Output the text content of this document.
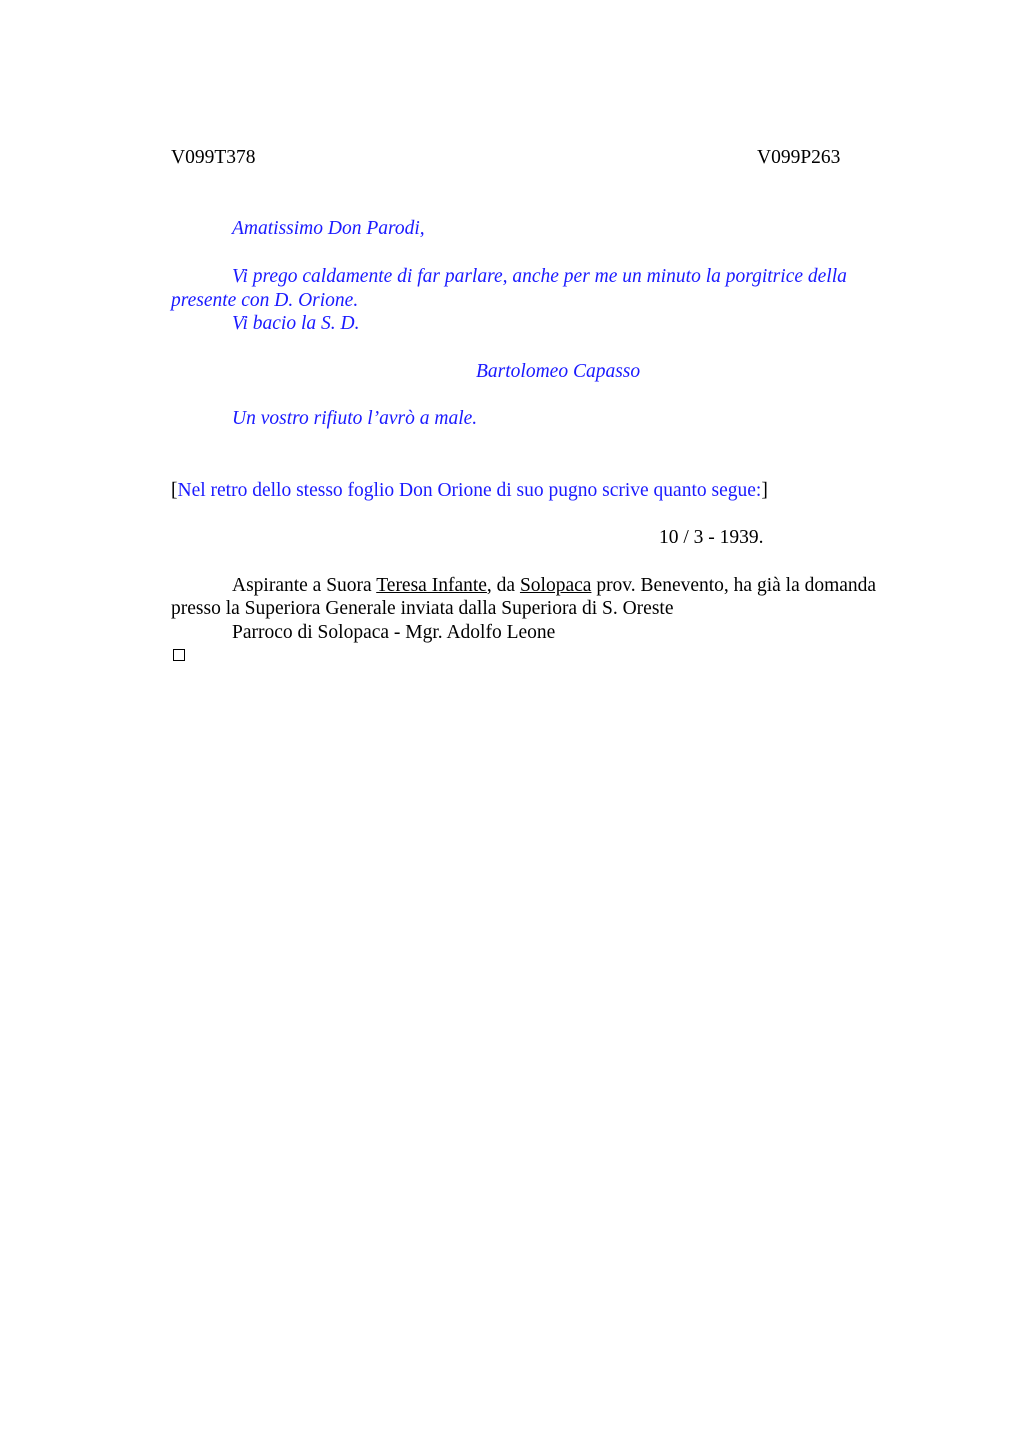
V099T378	V099P263
Amatissimo Don Parodi,
Vi prego caldamente di far parlare, anche per me un minuto la porgitrice della
presente con D. Orione.
Vi bacio la S. D.
Bartolomeo Capasso
Un vostro rifiuto l’avrò a male.
[Nel retro dello stesso foglio Don Orione di suo pugno scrive quanto segue:]
10 / 3 - 1939.
Aspirante a Suora Teresa Infante, da Solopaca prov. Benevento, ha già la domanda
presso la Superiora Generale inviata dalla Superiora di S. Oreste
Parroco di Solopaca - Mgr. Adolfo Leone
